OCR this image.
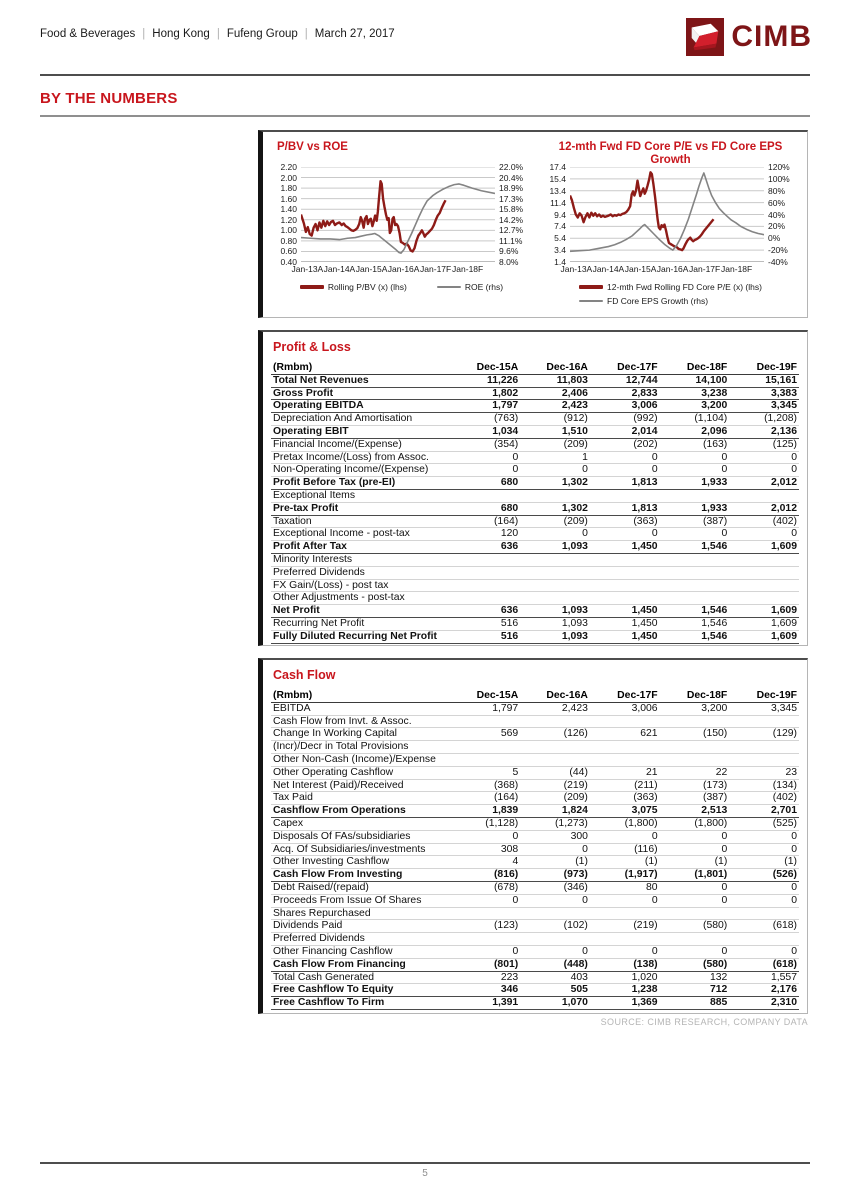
Food & Beverages | Hong Kong | Fufeng Group | March 27, 2017	CIMB
BY THE NUMBERS
P/BV vs ROE
2.20
2.00
1.80
1.60
1.40
1.20
1.00
0.80
0.60
0.40
22.0%
20.4%
18.9%
17.3%
15.8%
14.2%
12.7%
11.1%
9.6%
8.0%
Jan-13A Jan-14A Jan-15A Jan-16A Jan-17F Jan-18F
Rolling P/BV (x) (lhs)	ROE (rhs)
12-mth Fwd FD Core P/E vs FD Core EPS Growth
17.4
15.4
13.4
11.4
9.4
7.4
5.4
3.4
1.4
120%
100%
80%
60%
40%
20%
0%
-20%
-40%
Jan-13A Jan-14A Jan-15A Jan-16A Jan-17F Jan-18F
12-mth Fwd Rolling FD Core P/E (x) (lhs)
FD Core EPS Growth (rhs)
Profit & Loss
(Rmbm)	Dec-15A	Dec-16A	Dec-17F	Dec-18F	Dec-19F
Total Net Revenues	11,226	11,803	12,744	14,100	15,161
Gross Profit	1,802	2,406	2,833	3,238	3,383
Operating EBITDA	1,797	2,423	3,006	3,200	3,345
Depreciation And Amortisation	(763)	(912)	(992)	(1,104)	(1,208)
Operating EBIT	1,034	1,510	2,014	2,096	2,136
Financial Income/(Expense)	(354)	(209)	(202)	(163)	(125)
Pretax Income/(Loss) from Assoc.	0	1	0	0	0
Non-Operating Income/(Expense)	0	0	0	0	0
Profit Before Tax (pre-EI)	680	1,302	1,813	1,933	2,012
Exceptional Items					
Pre-tax Profit	680	1,302	1,813	1,933	2,012
Taxation	(164)	(209)	(363)	(387)	(402)
Exceptional Income - post-tax	120	0	0	0	0
Profit After Tax	636	1,093	1,450	1,546	1,609
Minority Interests					
Preferred Dividends					
FX Gain/(Loss) - post tax					
Other Adjustments - post-tax					
Net Profit	636	1,093	1,450	1,546	1,609
Recurring Net Profit	516	1,093	1,450	1,546	1,609
Fully Diluted Recurring Net Profit	516	1,093	1,450	1,546	1,609
Cash Flow
(Rmbm)	Dec-15A	Dec-16A	Dec-17F	Dec-18F	Dec-19F
EBITDA	1,797	2,423	3,006	3,200	3,345
Cash Flow from Invt. & Assoc.					
Change In Working Capital	569	(126)	621	(150)	(129)
(Incr)/Decr in Total Provisions					
Other Non-Cash (Income)/Expense					
Other Operating Cashflow	5	(44)	21	22	23
Net Interest (Paid)/Received	(368)	(219)	(211)	(173)	(134)
Tax Paid	(164)	(209)	(363)	(387)	(402)
Cashflow From Operations	1,839	1,824	3,075	2,513	2,701
Capex	(1,128)	(1,273)	(1,800)	(1,800)	(525)
Disposals Of FAs/subsidiaries	0	300	0	0	0
Acq. Of Subsidiaries/investments	308	0	(116)	0	0
Other Investing Cashflow	4	(1)	(1)	(1)	(1)
Cash Flow From Investing	(816)	(973)	(1,917)	(1,801)	(526)
Debt Raised/(repaid)	(678)	(346)	80	0	0
Proceeds From Issue Of Shares	0	0	0	0	0
Shares Repurchased					
Dividends Paid	(123)	(102)	(219)	(580)	(618)
Preferred Dividends					
Other Financing Cashflow	0	0	0	0	0
Cash Flow From Financing	(801)	(448)	(138)	(580)	(618)
Total Cash Generated	223	403	1,020	132	1,557
Free Cashflow To Equity	346	505	1,238	712	2,176
Free Cashflow To Firm	1,391	1,070	1,369	885	2,310
SOURCE: CIMB RESEARCH, COMPANY DATA
5
